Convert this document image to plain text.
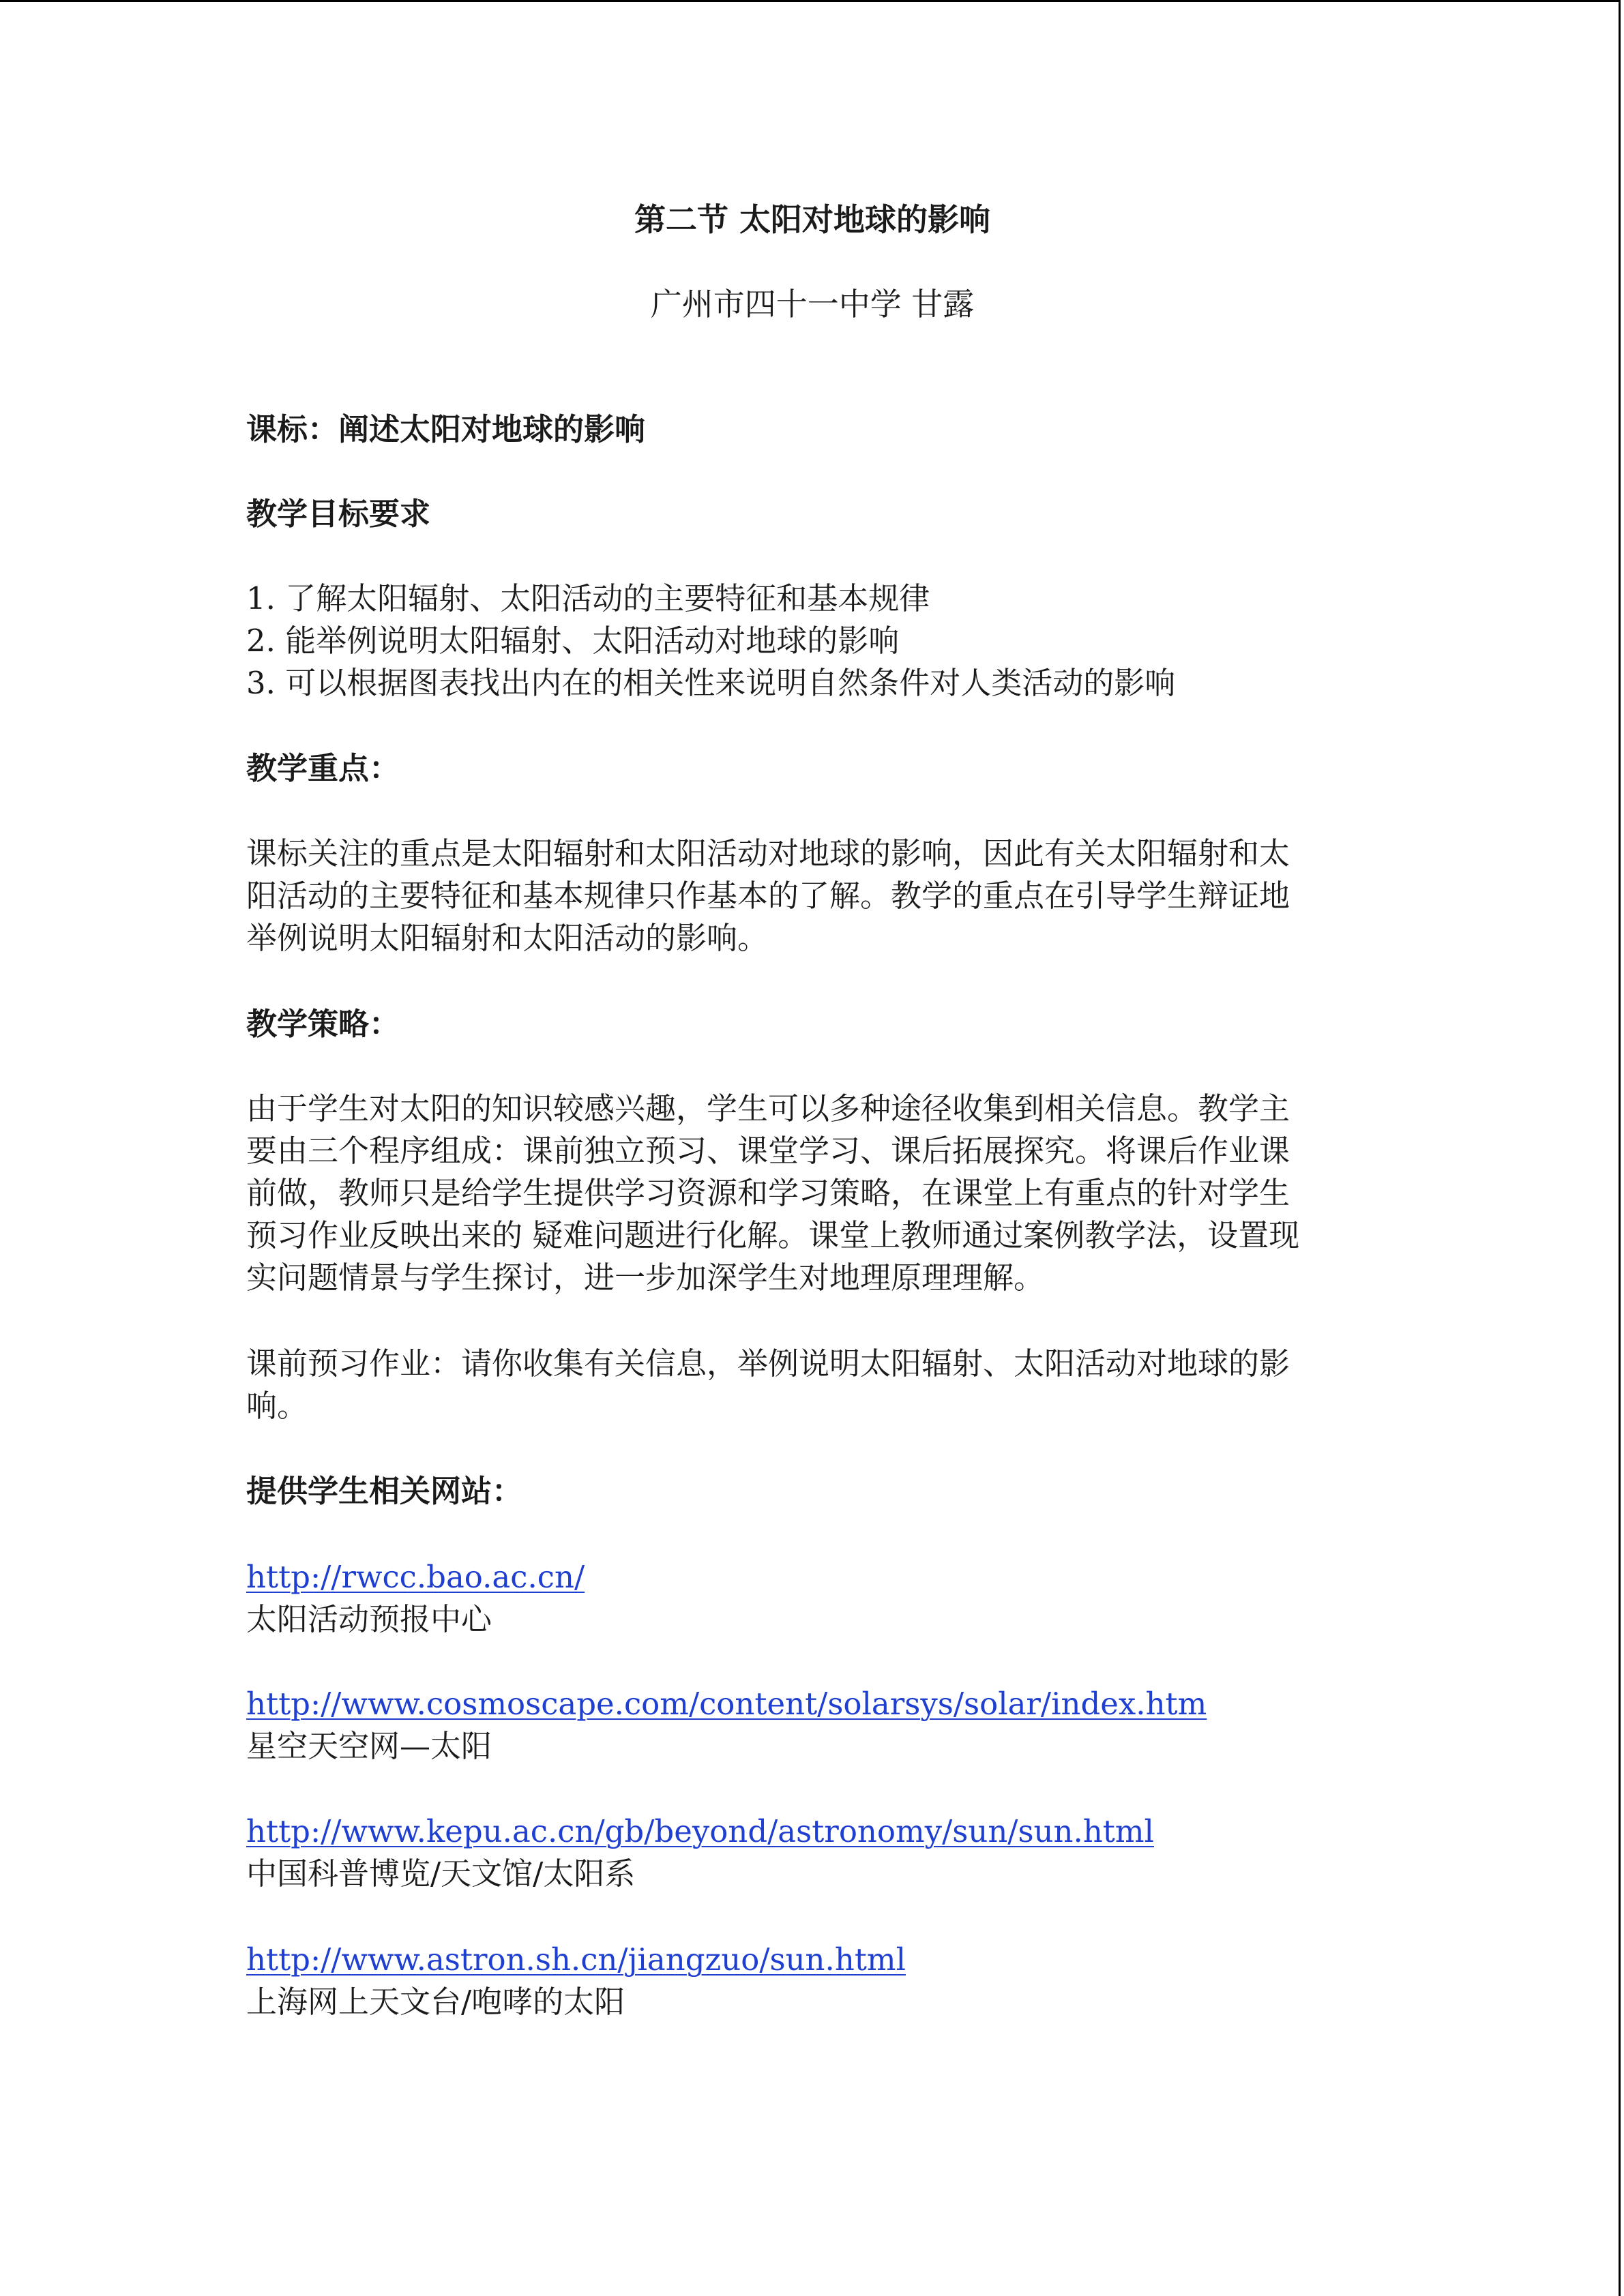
第二节 太阳对地球的影响
广州市四十一中学 甘露
课标：阐述太阳对地球的影响
教学目标要求
1. 了解太阳辐射、太阳活动的主要特征和基本规律
2. 能举例说明太阳辐射、太阳活动对地球的影响
3. 可以根据图表找出内在的相关性来说明自然条件对人类活动的影响
教学重点：
课标关注的重点是太阳辐射和太阳活动对地球的影响，因此有关太阳辐射和太
阳活动的主要特征和基本规律只作基本的了解。教学的重点在引导学生辩证地
举例说明太阳辐射和太阳活动的影响。
教学策略：
由于学生对太阳的知识较感兴趣，学生可以多种途径收集到相关信息。教学主
要由三个程序组成：课前独立预习、课堂学习、课后拓展探究。将课后作业课
前做，教师只是给学生提供学习资源和学习策略，在课堂上有重点的针对学生
预习作业反映出来的 疑难问题进行化解。课堂上教师通过案例教学法，设置现
实问题情景与学生探讨，进一步加深学生对地理原理理解。
课前预习作业：请你收集有关信息，举例说明太阳辐射、太阳活动对地球的影
响。
提供学生相关网站：
http://rwcc.bao.ac.cn/
太阳活动预报中心
http://www.cosmoscape.com/content/solarsys/solar/index.htm
星空天空网—太阳
http://www.kepu.ac.cn/gb/beyond/astronomy/sun/sun.html
中国科普博览/天文馆/太阳系
http://www.astron.sh.cn/jiangzuo/sun.html
上海网上天文台/咆哮的太阳
